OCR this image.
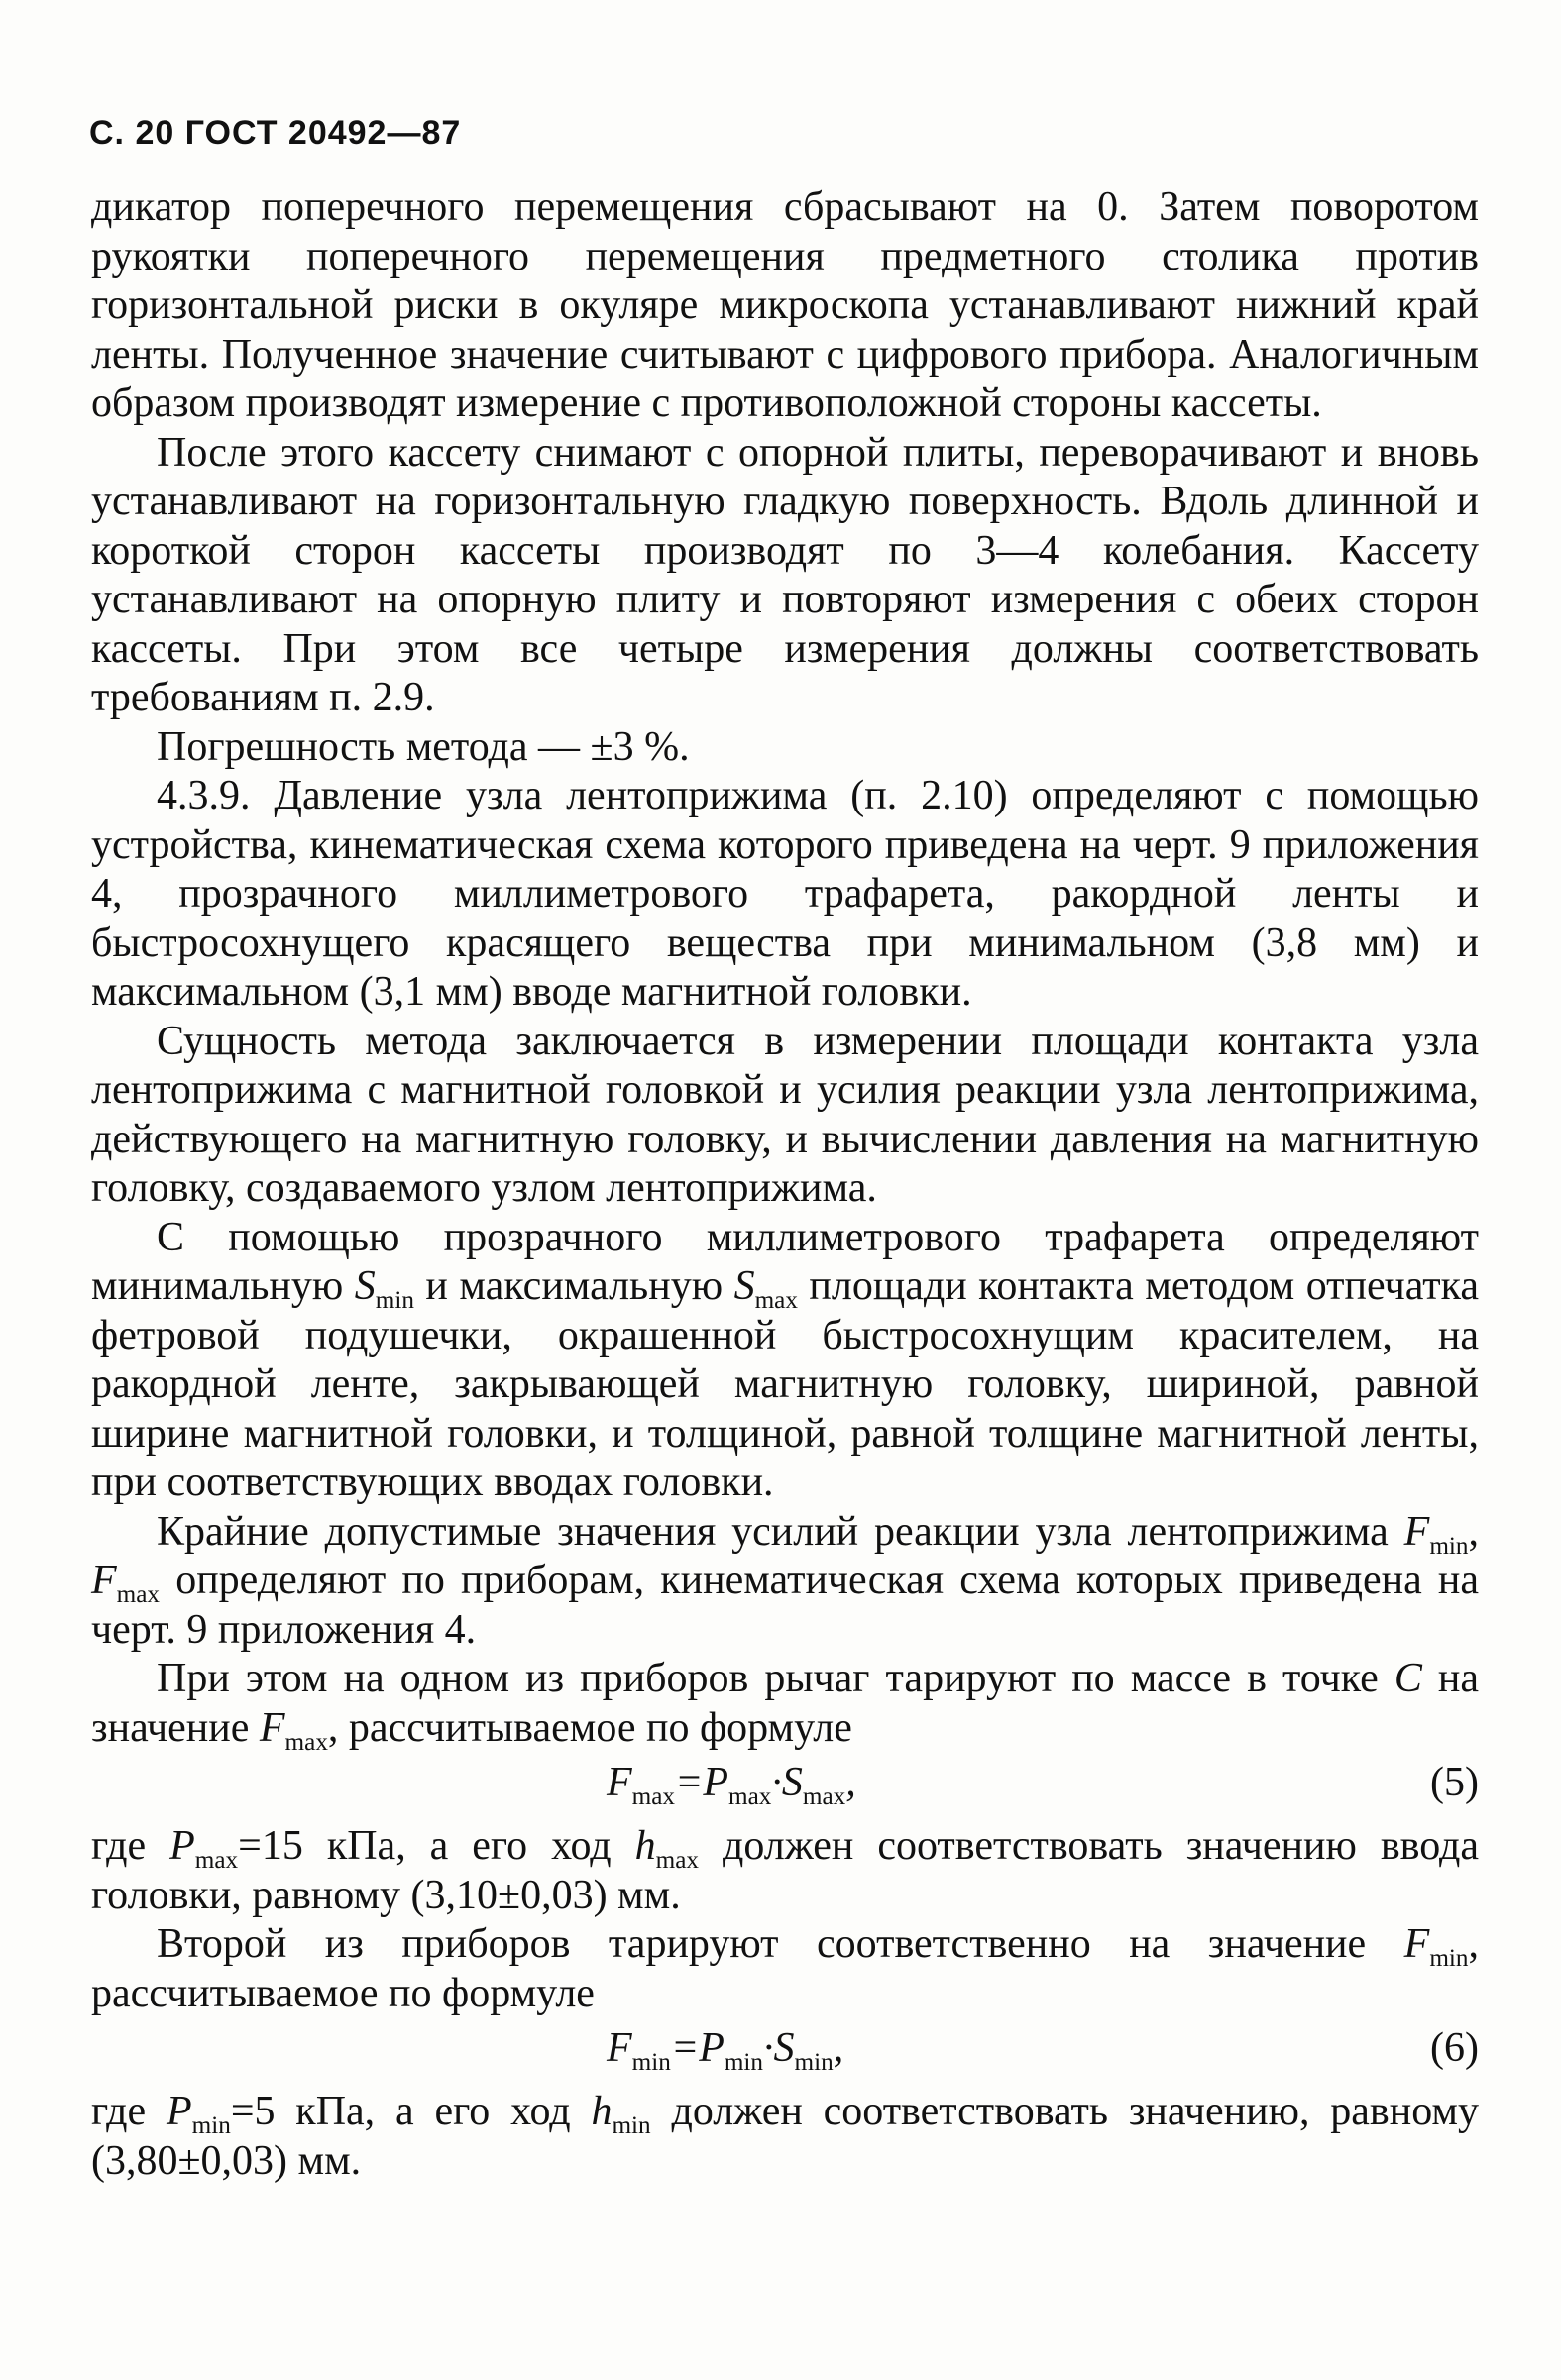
С. 20 ГОСТ 20492—87

дикатор поперечного перемещения сбрасывают на 0. Затем поворотом рукоятки поперечного перемещения предметного столика против горизонтальной риски в окуляре микроскопа устанавливают нижний край ленты. Полученное значение считывают с цифрового прибора. Аналогичным образом производят измерение с противоположной стороны кассеты.

После этого кассету снимают с опорной плиты, переворачивают и вновь устанавливают на горизонтальную гладкую поверхность. Вдоль длинной и короткой сторон кассеты производят по 3—4 колебания. Кассету устанавливают на опорную плиту и повторяют измерения с обеих сторон кассеты. При этом все четыре измерения должны соответствовать требованиям п. 2.9.

Погрешность метода — ±3 %.

4.3.9. Давление узла лентоприжима (п. 2.10) определяют с помощью устройства, кинематическая схема которого приведена на черт. 9 приложения 4, прозрачного миллиметрового трафарета, ракордной ленты и быстросохнущего красящего вещества при минимальном (3,8 мм) и максимальном (3,1 мм) вводе магнитной головки.

Сущность метода заключается в измерении площади контакта узла лентоприжима с магнитной головкой и усилия реакции узла лентоприжима, действующего на магнитную головку, и вычислении давления на магнитную головку, создаваемого узлом лентоприжима.

С помощью прозрачного миллиметрового трафарета определяют минимальную $S_{min}$ и максимальную $S_{max}$ площади контакта методом отпечатка фетровой подушечки, окрашенной быстросохнущим красителем, на ракордной ленте, закрывающей магнитную головку, шириной, равной ширине магнитной головки, и толщиной, равной толщине магнитной ленты, при соответствующих вводах головки.

Крайние допустимые значения усилий реакции узла лентоприжима $F_{min}$, $F_{max}$ определяют по приборам, кинематическая схема которых приведена на черт. 9 приложения 4.

При этом на одном из приборов рычаг тарируют по массе в точке C на значение $F_{max}$, рассчитываемое по формуле

$F_{max}=P_{max}\cdot S_{max}$,	(5)

где $P_{max}=15$ кПа, а его ход $h_{max}$ должен соответствовать значению ввода головки, равному (3,10±0,03) мм.

Второй из приборов тарируют соответственно на значение $F_{min}$, рассчитываемое по формуле

$F_{min}=P_{min}\cdot S_{min}$,	(6)

где $P_{min}=5$ кПа, а его ход $h_{min}$ должен соответствовать значению, равному (3,80±0,03) мм.
